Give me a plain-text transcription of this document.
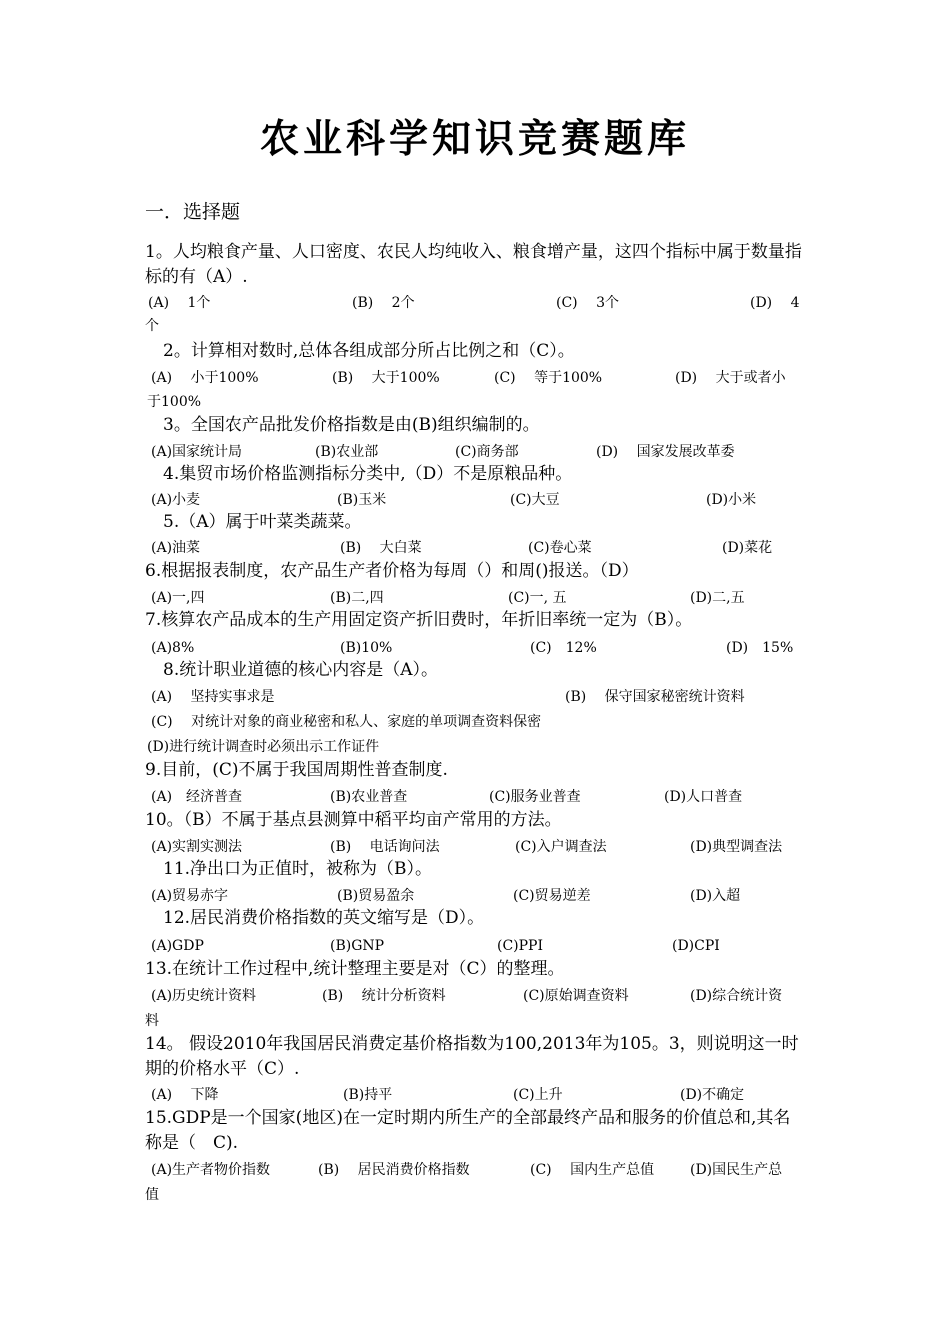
农业科学知识竞赛题库
一．选择题
1。人均粮食产量、人口密度、农民人均纯收入、粮食增产量，这四个指标中属于数量指标的有（A）.
(A)　 1个	(B)　 2个	(C)　 3个	(D)　 4
个
2。计算相对数时,总体各组成部分所占比例之和（C）。
(A)　 小于100%	(B)　 大于100%	(C)　 等于100%	(D)　 大于或者小
于100%
3。全国农产品批发价格指数是由(B)组织编制的。
(A)国家统计局	(B)农业部	(C)商务部	(D)　 国家发展改革委
4.集贸市场价格监测指标分类中,（D）不是原粮品种。
(A)小麦	(B)玉米	(C)大豆	(D)小米
5.（A）属于叶菜类蔬菜。
(A)油菜	(B)　 大白菜	(C)卷心菜	(D)菜花
6.根据报表制度，农产品生产者价格为每周（）和周()报送。（D）
(A)一,四	(B)二,四	(C)一, 五	(D)二,五
7.核算农产品成本的生产用固定资产折旧费时，年折旧率统一定为（B）。
(A)8%	(B)10%	(C)　12%	(D)　15%
8.统计职业道德的核心内容是（A）。
(A)　 坚持实事求是	(B)　 保守国家秘密统计资料
(C)　 对统计对象的商业秘密和私人、家庭的单项调查资料保密
(D)进行统计调查时必须出示工作证件
9.目前，(C)不属于我国周期性普查制度.
(A)　经济普查	(B)农业普查	(C)服务业普查	(D)人口普查
10。（B）不属于基点县测算中稻平均亩产常用的方法。
(A)实割实测法	(B)　 电话询问法	(C)入户调查法	(D)典型调查法
11.净出口为正值时，被称为（B）。
(A)贸易赤字	(B)贸易盈余	(C)贸易逆差	(D)入超
12.居民消费价格指数的英文缩写是（D）。
(A)GDP	(B)GNP	(C)PPI	(D)CPI
13.在统计工作过程中,统计整理主要是对（C）的整理。
(A)历史统计资料	(B)　 统计分析资料	(C)原始调查资料	(D)综合统计资
料
14。 假设2010年我国居民消费定基价格指数为100,2013年为105。3，则说明这一时期的价格水平（C）.
(A)　 下降	(B)持平	(C)上升	(D)不确定
15.GDP是一个国家(地区)在一定时期内所生产的全部最终产品和服务的价值总和,其名称是（　C).
(A)生产者物价指数	(B)　 居民消费价格指数	(C)　 国内生产总值	(D)国民生产总
值
